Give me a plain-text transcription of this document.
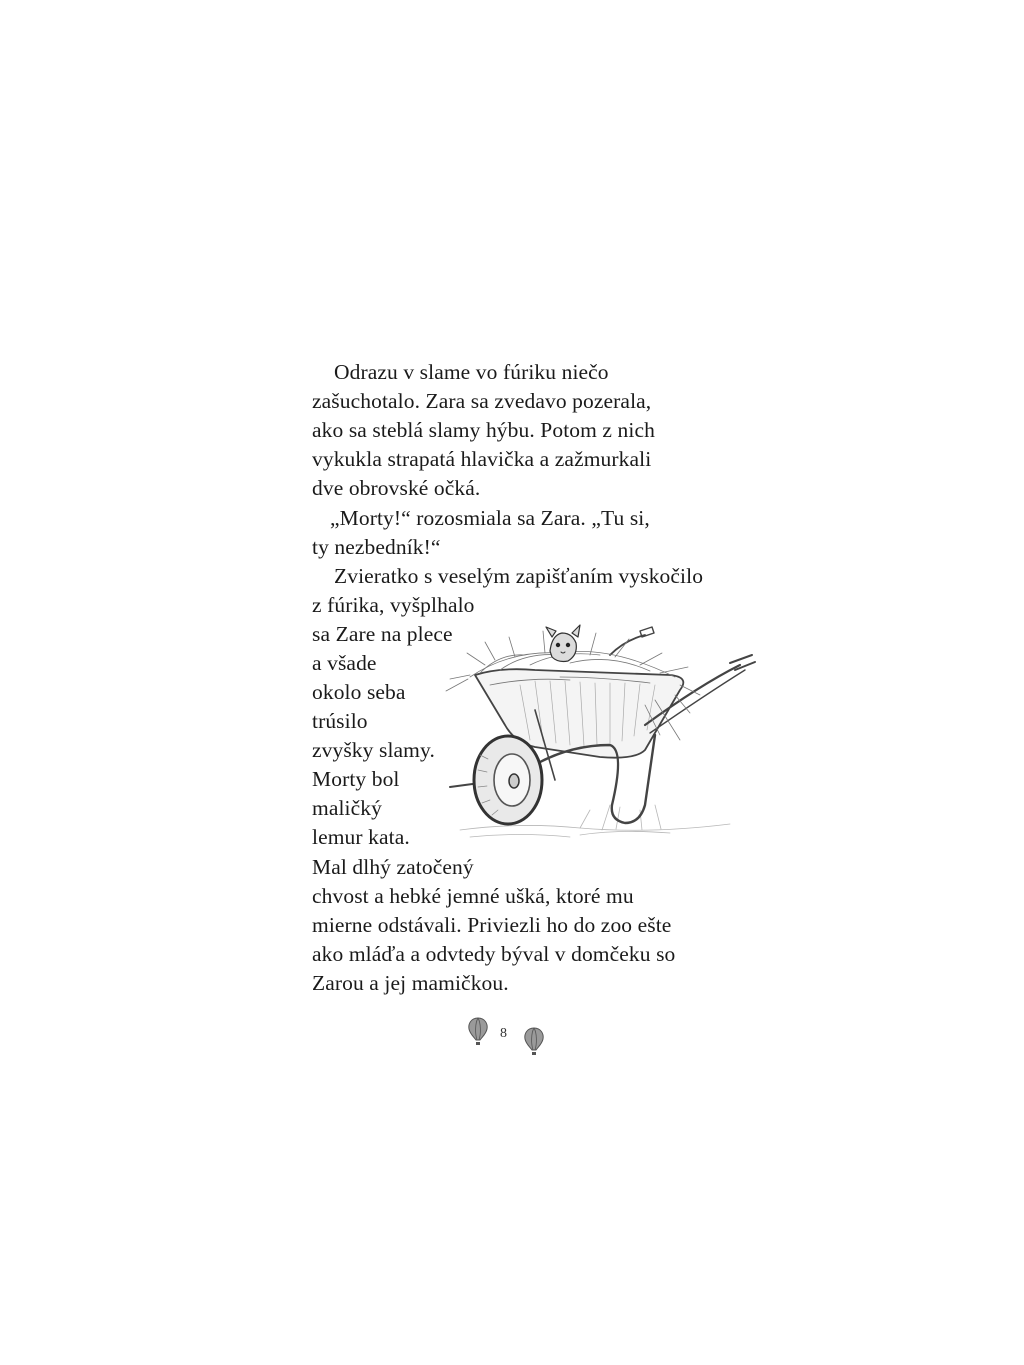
Odrazu v slame vo fúriku niečo
zašuchotalo. Zara sa zvedavo pozerala,
ako sa steblá slamy hýbu. Potom z nich
vykukla strapatá hlavička a zažmurkali
dve obrovské očká.
„Morty!“ rozosmiala sa Zara. „Tu si,
ty nezbedník!“
Zvieratko s veselým zapišťaním vyskočilo
z fúrika, vyšplhalo
sa Zare na plece
a všade
okolo seba
trúsilo
zvyšky slamy.
Morty bol
maličký
lemur kata.
Mal dlhý zatočený
chvost a hebké jemné ušká, ktoré mu
mierne odstávali. Priviezli ho do zoo ešte
ako mláďa a odvtedy býval v domčeku so
Zarou a jej mamičkou.
8
